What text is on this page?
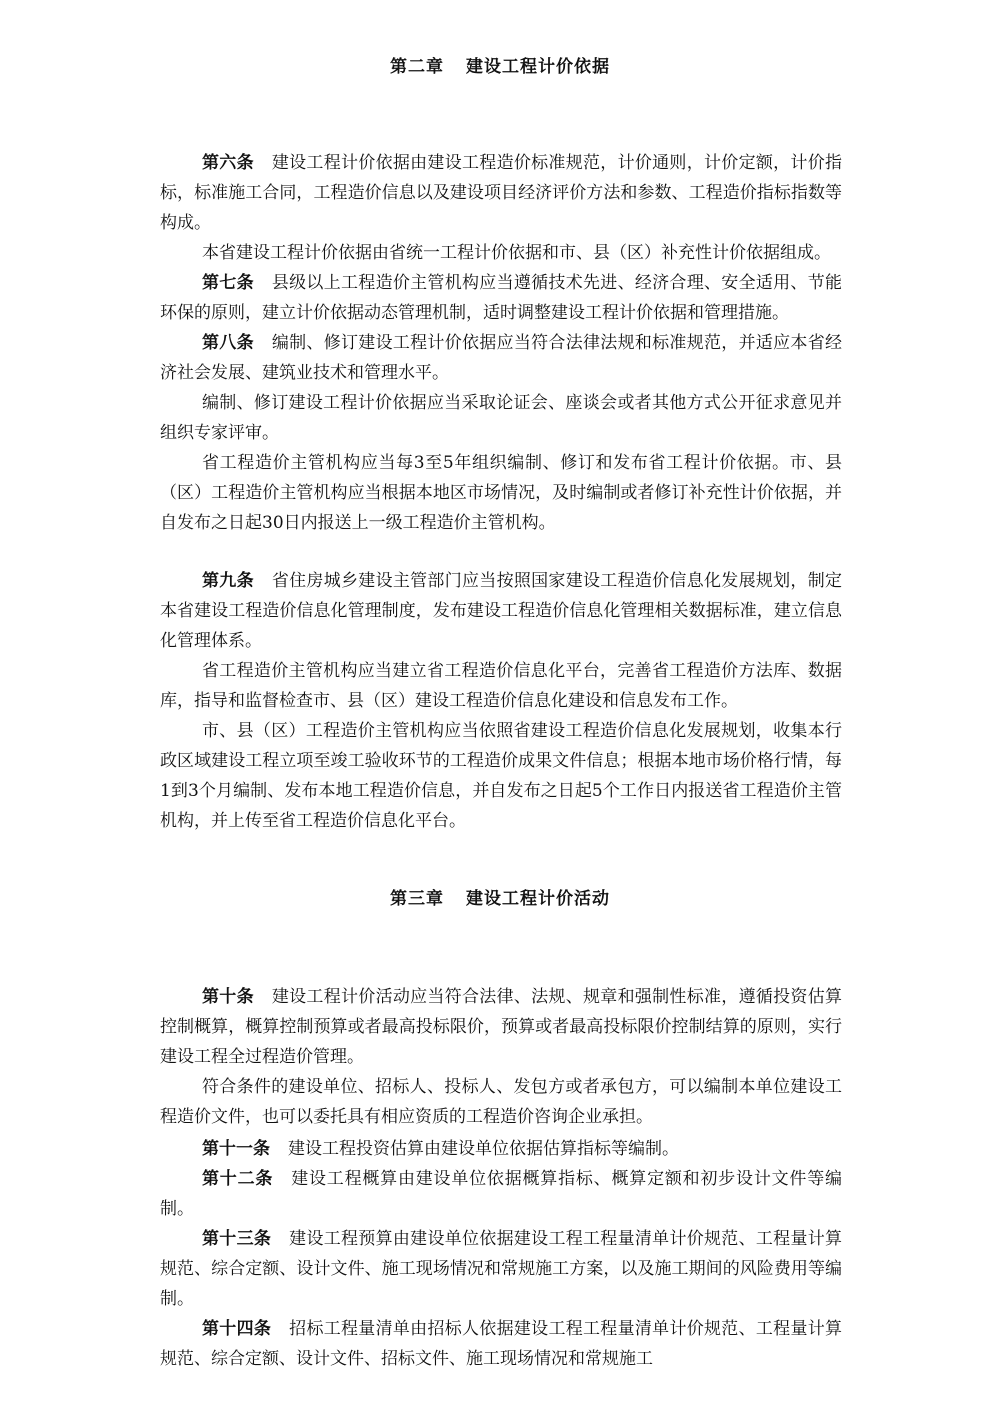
第二章 建设工程计价依据

第六条 建设工程计价依据由建设工程造价标准规范，计价通则，计价定额，计价指标，标准施工合同，工程造价信息以及建设项目经济评价方法和参数、工程造价指标指数等构成。

本省建设工程计价依据由省统一工程计价依据和市、县（区）补充性计价依据组成。

第七条 县级以上工程造价主管机构应当遵循技术先进、经济合理、安全适用、节能环保的原则，建立计价依据动态管理机制，适时调整建设工程计价依据和管理措施。

第八条 编制、修订建设工程计价依据应当符合法律法规和标准规范，并适应本省经济社会发展、建筑业技术和管理水平。

编制、修订建设工程计价依据应当采取论证会、座谈会或者其他方式公开征求意见并组织专家评审。

省工程造价主管机构应当每3至5年组织编制、修订和发布省工程计价依据。市、县（区）工程造价主管机构应当根据本地区市场情况，及时编制或者修订补充性计价依据，并自发布之日起30日内报送上一级工程造价主管机构。

第九条 省住房城乡建设主管部门应当按照国家建设工程造价信息化发展规划，制定本省建设工程造价信息化管理制度，发布建设工程造价信息化管理相关数据标准，建立信息化管理体系。

省工程造价主管机构应当建立省工程造价信息化平台，完善省工程造价方法库、数据库，指导和监督检查市、县（区）建设工程造价信息化建设和信息发布工作。

市、县（区）工程造价主管机构应当依照省建设工程造价信息化发展规划，收集本行政区域建设工程立项至竣工验收环节的工程造价成果文件信息；根据本地市场价格行情，每1到3个月编制、发布本地工程造价信息，并自发布之日起5个工作日内报送省工程造价主管机构，并上传至省工程造价信息化平台。

第三章 建设工程计价活动

第十条 建设工程计价活动应当符合法律、法规、规章和强制性标准，遵循投资估算控制概算，概算控制预算或者最高投标限价，预算或者最高投标限价控制结算的原则，实行建设工程全过程造价管理。

符合条件的建设单位、招标人、投标人、发包方或者承包方，可以编制本单位建设工程造价文件，也可以委托具有相应资质的工程造价咨询企业承担。

第十一条 建设工程投资估算由建设单位依据估算指标等编制。

第十二条 建设工程概算由建设单位依据概算指标、概算定额和初步设计文件等编制。

第十三条 建设工程预算由建设单位依据建设工程工程量清单计价规范、工程量计算规范、综合定额、设计文件、施工现场情况和常规施工方案，以及施工期间的风险费用等编制。

第十四条 招标工程量清单由招标人依据建设工程工程量清单计价规范、工程量计算规范、综合定额、设计文件、招标文件、施工现场情况和常规施工
